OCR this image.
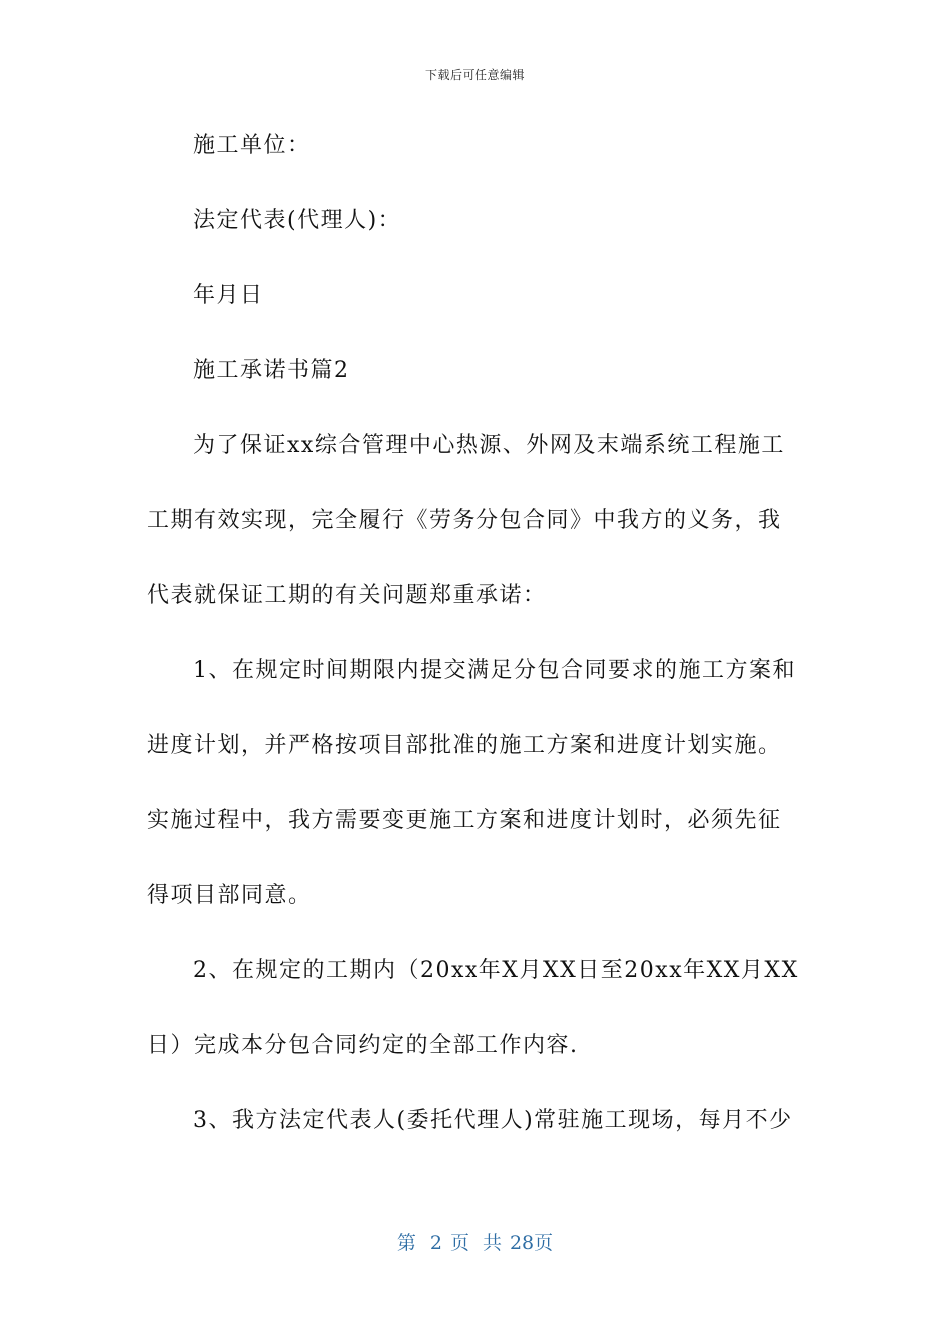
下载后可任意编辑
施工单位：
法定代表(代理人)：
年月日
施工承诺书篇2
为了保证xx综合管理中心热源、外网及末端系统工程施工
工期有效实现，完全履行《劳务分包合同》中我方的义务，我
代表就保证工期的有关问题郑重承诺：
1、在规定时间期限内提交满足分包合同要求的施工方案和
进度计划，并严格按项目部批准的施工方案和进度计划实施。
实施过程中，我方需要变更施工方案和进度计划时，必须先征
得项目部同意。
2、在规定的工期内（20xx年X月XX日至20xx年XX月XX
日）完成本分包合同约定的全部工作内容.
3、我方法定代表人(委托代理人)常驻施工现场，每月不少
第 2 页 共 28页
